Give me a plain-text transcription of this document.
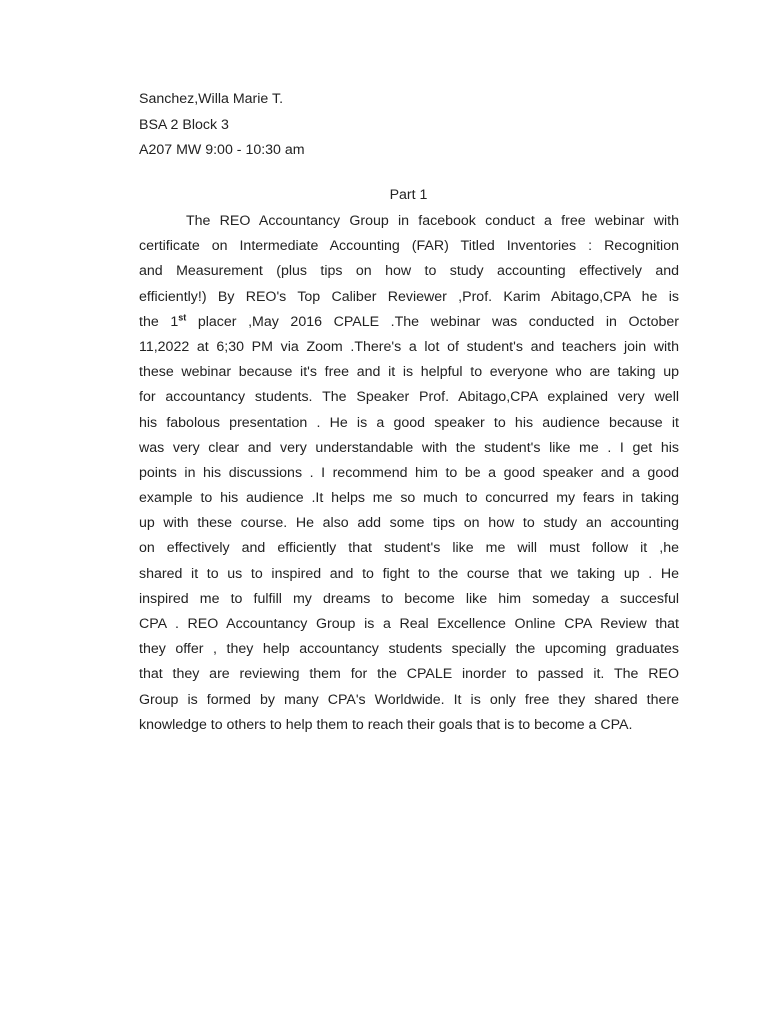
Sanchez,Willa Marie T.
BSA 2 Block 3
A207 MW 9:00 - 10:30 am
Part 1
The REO Accountancy Group in facebook conduct a free webinar with
certificate on Intermediate Accounting (FAR) Titled Inventories : Recognition
and Measurement (plus tips on how to study accounting effectively and
efficiently!) By REO's Top Caliber Reviewer ,Prof. Karim Abitago,CPA he is
the 1st placer ,May 2016 CPALE .The webinar was conducted in October
11,2022 at 6;30 PM via Zoom .There's a lot of student's and teachers join with
these webinar because it's free and it is helpful to everyone who are taking up
for accountancy students. The Speaker Prof. Abitago,CPA explained very well
his fabolous presentation . He is a good speaker to his audience because it
was very clear and very understandable with the student's like me . I get his
points in his discussions . I recommend him to be a good speaker and a good
example to his audience .It helps me so much to concurred my fears in taking
up with these course. He also add some tips on how to study an accounting
on effectively and efficiently that student's like me will must follow it ,he
shared it to us to inspired and to fight to the course that we taking up . He
inspired me to fulfill my dreams to become like him someday a succesful
CPA . REO Accountancy Group is a Real Excellence Online CPA Review that
they offer , they help accountancy students specially the upcoming graduates
that they are reviewing them for the CPALE inorder to passed it. The REO
Group is formed by many CPA's Worldwide. It is only free they shared there
knowledge to others to help them to reach their goals that is to become a CPA.
